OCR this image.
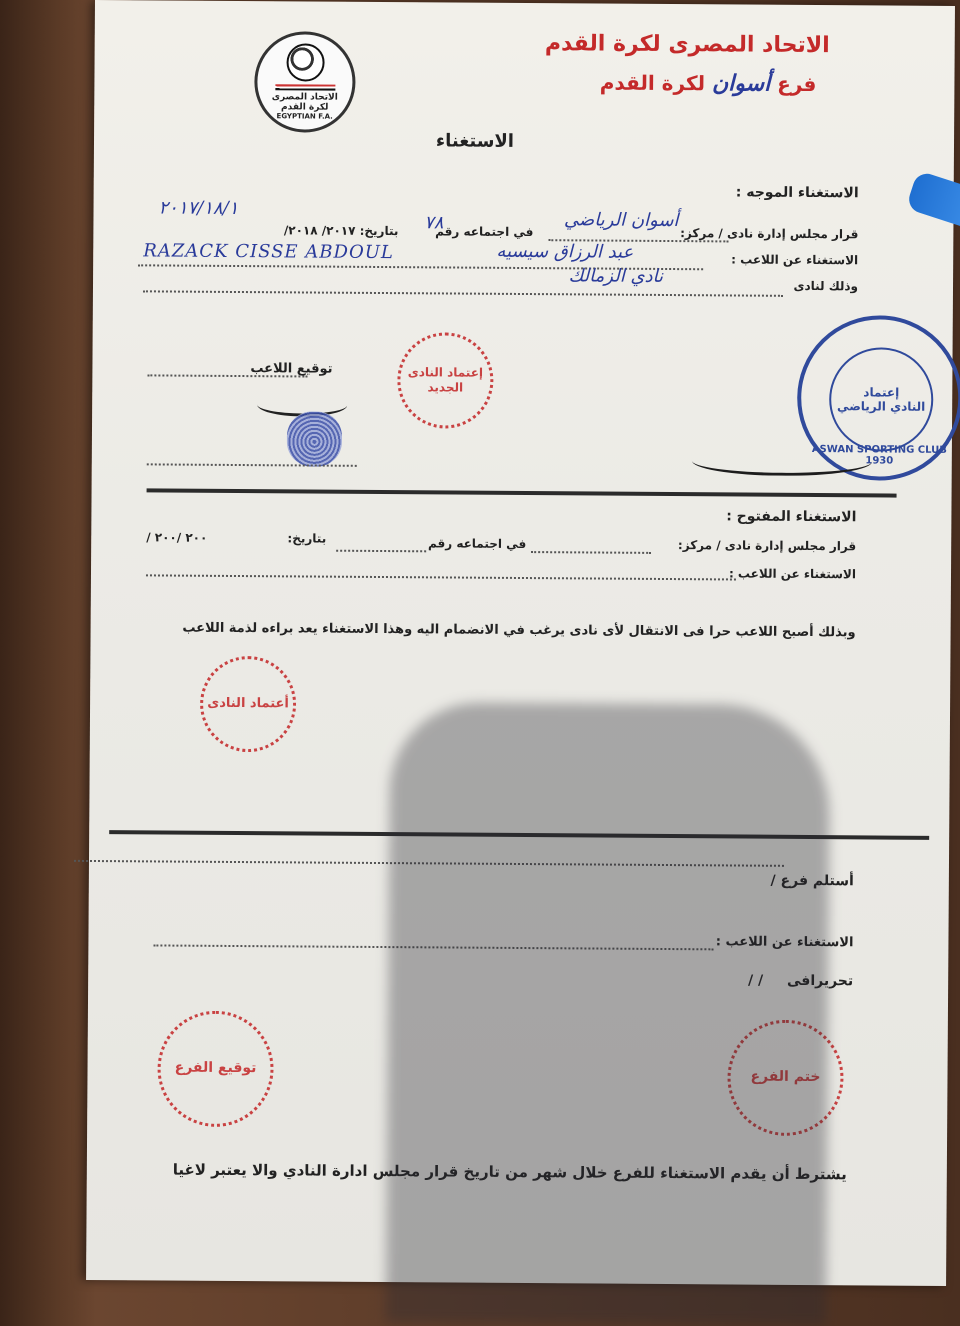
الاتحاد المصرى
لكرة القدم
EGYPTIAN F.A.
الاتحاد المصرى لكرة القدم
فرع أسوان لكرة القدم
الاستغناء
الاستغناء الموجه :
٢٠١٧/١٨/١
قرار مجلس إدارة نادى / مركز:
أسوان الرياضي
في اجتماعه رقم
٧٨
بتاريخ: ٢٠١٧/ ٢٠١٨/
الاستغناء عن اللاعب :
عبد الرزاق سيسيه
RAZACK CISSE ABDOUL
وذلك لنادى
نادي الزمالك
توقيع اللاعب	إعتماد النادى الجديد	إعتماد
النادي الرياضي
ASWAN SPORTING CLUB 1930
الاستغناء المفتوح :
قرار مجلس إدارة نادى / مركز:
في اجتماعه رقم
بتاريخ:
٢٠٠ /٢٠٠ /
الاستغناء عن اللاعب :
وبذلك أصبح اللاعب حرا فى الانتقال لأى نادى يرغب في الانضمام اليه وهذا الاستغناء يعد براءه لذمة اللاعب
أعتماد النادى
أستلم فرع /
الاستغناء عن اللاعب :
تحريرافى
/ /
توقيع الفرع
ختم الفرع
يشترط أن يقدم الاستغناء للفرع خلال شهر من تاريخ قرار مجلس ادارة النادي والا يعتبر لاغيا
